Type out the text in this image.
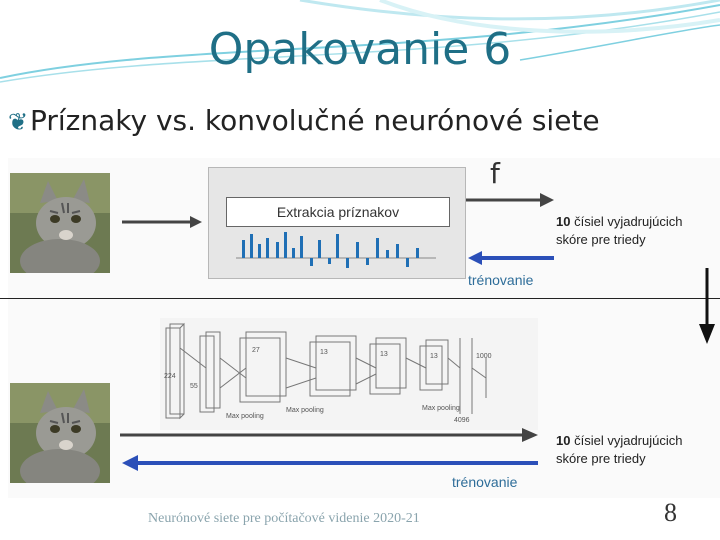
Opakovanie 6
❦Príznaky vs. konvolučné neurónové siete
Extrakcia príznakov
f
10 čísiel vyjadrujúcich
skóre pre triedy
trénovanie
224
55
27	13	13	13
4096
1000
Max pooling
Max pooling	Max pooling
10 čísiel vyjadrujúcich
skóre pre triedy
trénovanie
Neurónové siete pre počítačové videnie 2020-21	8
